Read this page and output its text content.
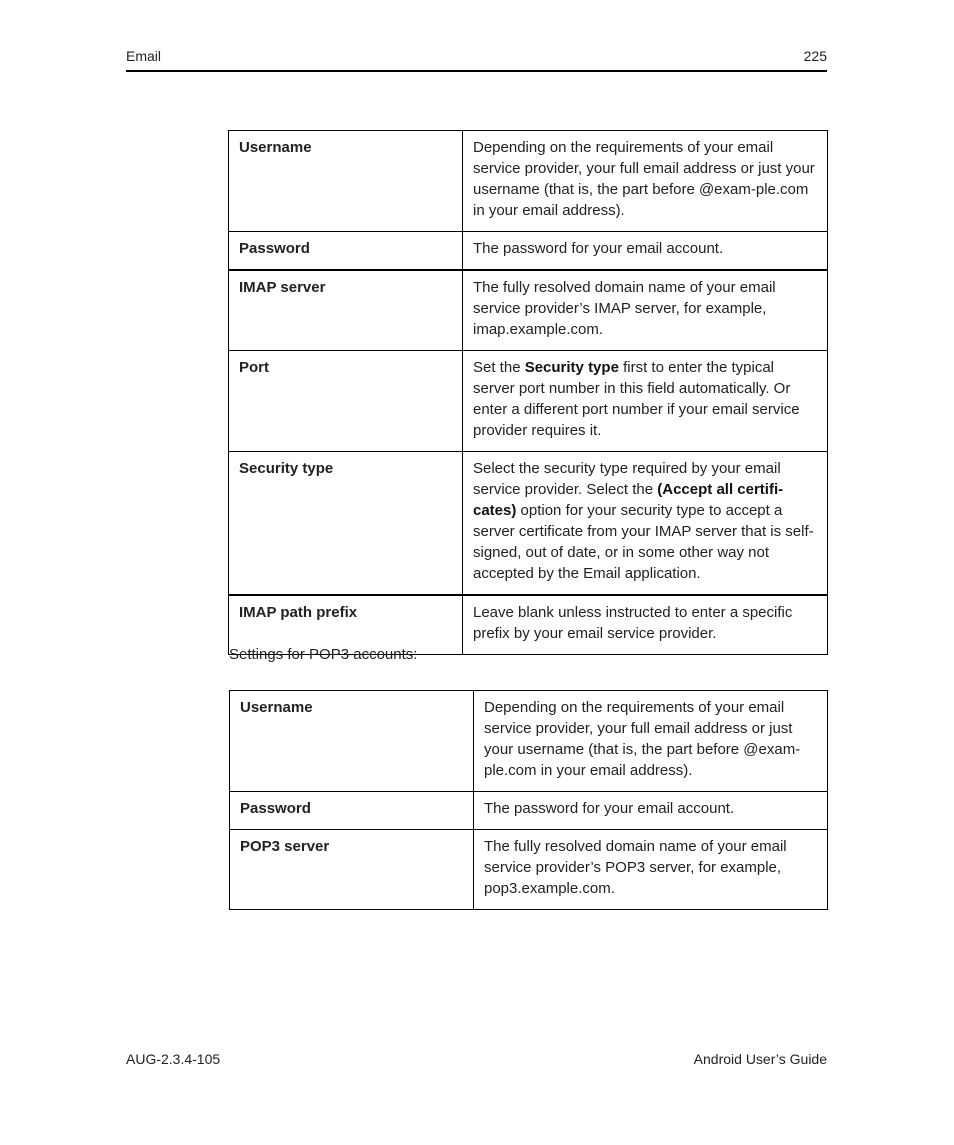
Email	225
Username	Depending on the requirements of your email service provider, your full email address or just your username (that is, the part before @exam-ple.com in your email address).
Password	The password for your email account.
IMAP server	The fully resolved domain name of your email service provider’s IMAP server, for example, imap.example.com.
Port	Set the Security type first to enter the typical server port number in this field automatically. Or enter a different port number if your email service provider requires it.
Security type	Select the security type required by your email service provider. Select the (Accept all certifi-cates) option for your security type to accept a server certificate from your IMAP server that is self-signed, out of date, or in some other way not accepted by the Email application.
IMAP path prefix	Leave blank unless instructed to enter a specific prefix by your email service provider.
Settings for POP3 accounts:
Username	Depending on the requirements of your email service provider, your full email address or just your username (that is, the part before @exam-ple.com in your email address).
Password	The password for your email account.
POP3 server	The fully resolved domain name of your email service provider’s POP3 server, for example, pop3.example.com.
AUG-2.3.4-105	Android User’s Guide
